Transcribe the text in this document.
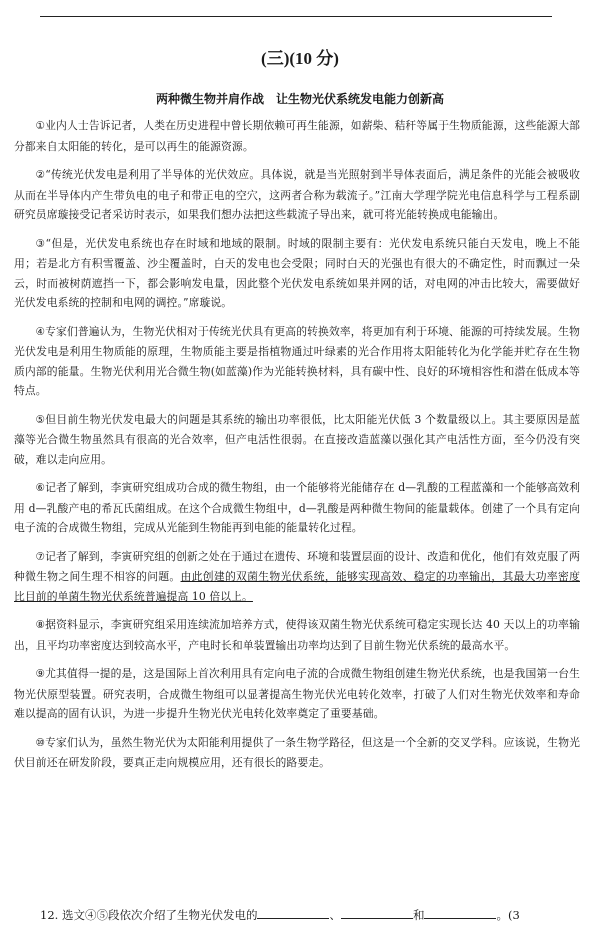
(三)(10 分)
两种微生物并肩作战　让生物光伏系统发电能力创新高

①业内人士告诉记者，人类在历史进程中曾长期依赖可再生能源，如薪柴、秸秆等属于生物质能源，这些能源大部分都来自太阳能的转化，是可以再生的能源资源。

②“传统光伏发电是利用了半导体的光伏效应。具体说，就是当光照射到半导体表面后，满足条件的光能会被吸收从而在半导体内产生带负电的电子和带正电的空穴，这两者合称为载流子。”江南大学理学院光电信息科学与工程系副研究员席璇接受记者采访时表示，如果我们想办法把这些载流子导出来，就可将光能转换成电能输出。

③“但是，光伏发电系统也存在时域和地域的限制。时域的限制主要有：光伏发电系统只能白天发电，晚上不能用；若是北方有积雪覆盖、沙尘覆盖时，白天的发电也会受限；同时白天的光强也有很大的不确定性，时而飘过一朵云，时而被树荫遮挡一下，都会影响发电量，因此整个光伏发电系统如果并网的话，对电网的冲击比较大，需要做好光伏发电系统的控制和电网的调控。”席璇说。

④专家们普遍认为，生物光伏相对于传统光伏具有更高的转换效率，将更加有利于环境、能源的可持续发展。生物光伏发电是利用生物质能的原理，生物质能主要是指植物通过叶绿素的光合作用将太阳能转化为化学能并贮存在生物质内部的能量。生物光伏利用光合微生物(如蓝藻)作为光能转换材料，具有碳中性、良好的环境相容性和潜在低成本等特点。

⑤但目前生物光伏发电最大的问题是其系统的输出功率很低，比太阳能光伏低 3 个数量级以上。其主要原因是蓝藻等光合微生物虽然具有很高的光合效率，但产电活性很弱。在直接改造蓝藻以强化其产电活性方面，至今仍没有突破，难以走向应用。

⑥记者了解到，李寅研究组成功合成的微生物组，由一个能够将光能储存在 d—乳酸的工程蓝藻和一个能够高效利用 d—乳酸产电的希瓦氏菌组成。在这个合成微生物组中，d—乳酸是两种微生物间的能量载体。创建了一个具有定向电子流的合成微生物组，完成从光能到生物能再到电能的能量转化过程。

⑦记者了解到，李寅研究组的创新之处在于通过在遗传、环境和装置层面的设计、改造和优化，他们有效克服了两种微生物之间生理不相容的问题。由此创建的双菌生物光伏系统，能够实现高效、稳定的功率输出，其最大功率密度比目前的单菌生物光伏系统普遍提高 10 倍以上。

⑧据资料显示，李寅研究组采用连续流加培养方式，使得该双菌生物光伏系统可稳定实现长达 40 天以上的功率输出，且平均功率密度达到较高水平，产电时长和单装置输出功率均达到了目前生物光伏系统的最高水平。

⑨尤其值得一提的是，这是国际上首次利用具有定向电子流的合成微生物组创建生物光伏系统，也是我国第一台生物光伏原型装置。研究表明，合成微生物组可以显著提高生物光伏光电转化效率，打破了人们对生物光伏效率和寿命难以提高的固有认识，为进一步提升生物光伏光电转化效率奠定了重要基础。

⑩专家们认为，虽然生物光伏为太阳能利用提供了一条生物学路径，但这是一个全新的交叉学科。应该说，生物光伏目前还在研发阶段，要真正走向规模应用，还有很长的路要走。

12. 选文④⑤段依次介绍了生物光伏发电的	、	和	。(3
